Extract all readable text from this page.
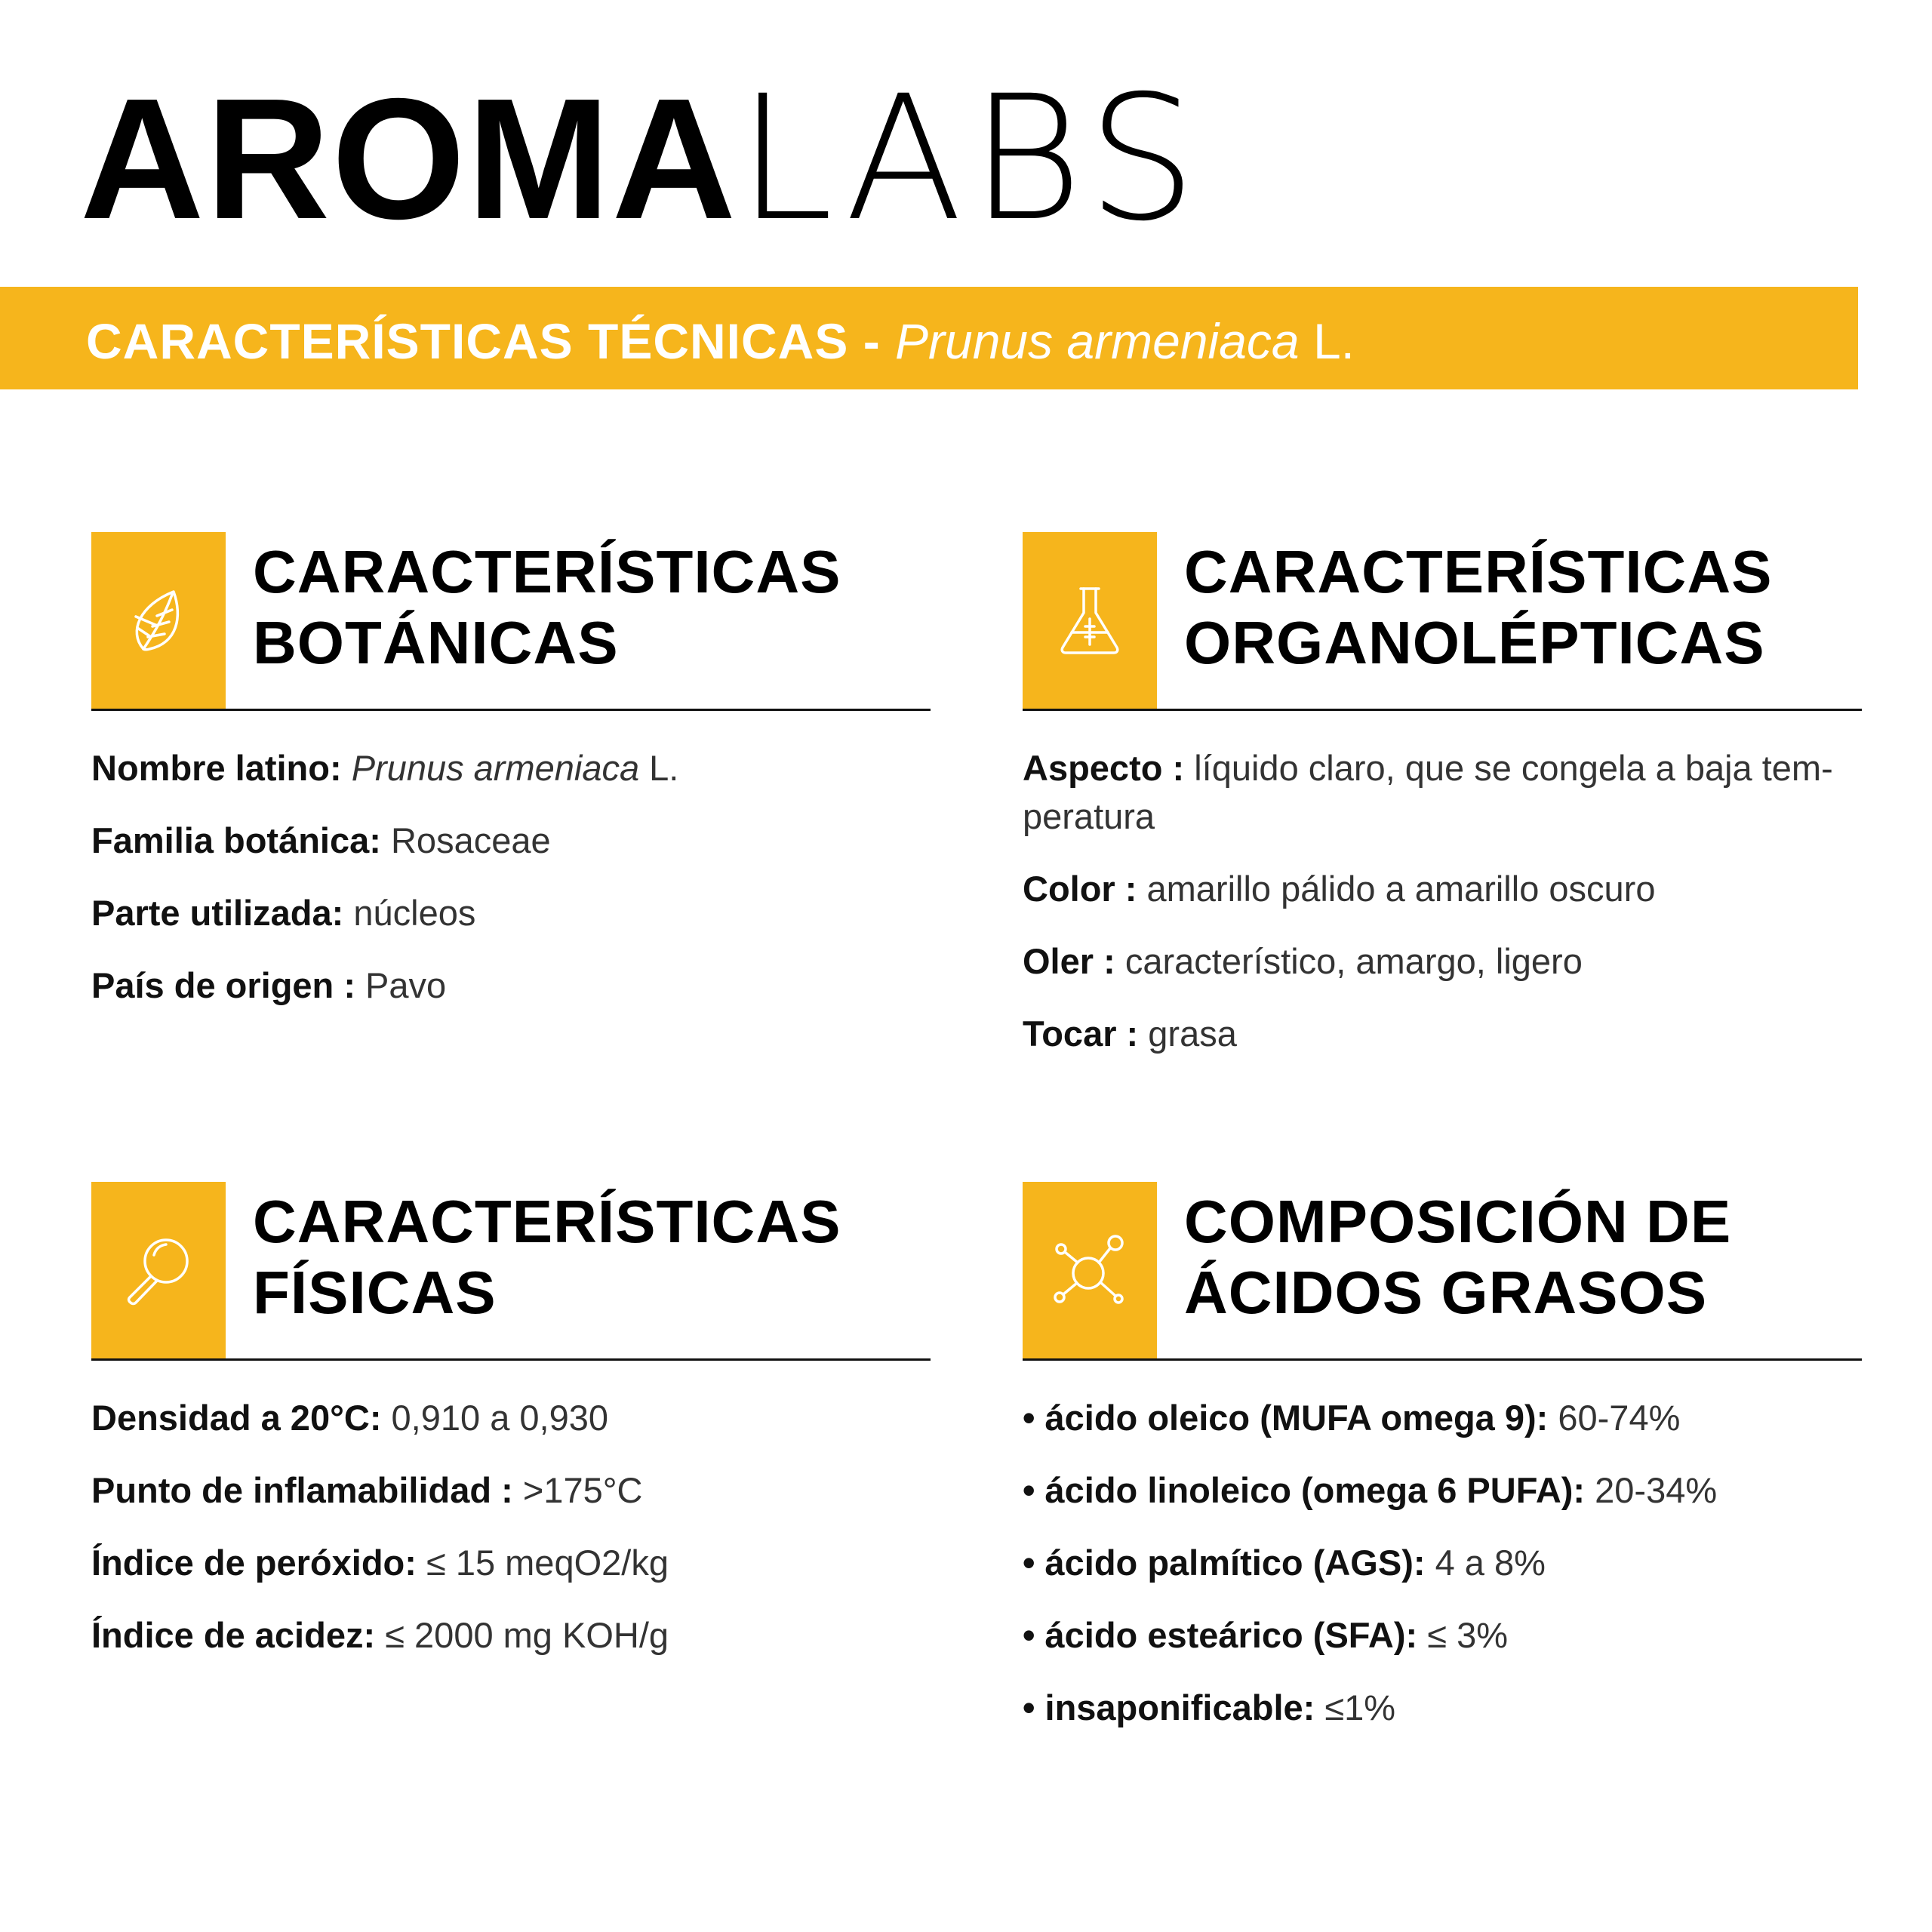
AROMALABS
CARACTERÍSTICAS TÉCNICAS - Prunus armeniaca L.
CARACTERÍSTICAS
BOTÁNICAS
Nombre latino: Prunus armeniaca L.
Familia botánica: Rosaceae
Parte utilizada: núcleos
País de origen : Pavo
CARACTERÍSTICAS
ORGANOLÉPTICAS
Aspecto : líquido claro, que se congela a baja tem-
peratura
Color : amarillo pálido a amarillo oscuro
Oler : característico, amargo, ligero
Tocar : grasa
CARACTERÍSTICAS
FÍSICAS
Densidad a 20°C: 0,910 a 0,930
Punto de inflamabilidad : >175°C
Índice de peróxido: ≤ 15 meqO2/kg
Índice de acidez: ≤ 2000 mg KOH/g
COMPOSICIÓN DE
ÁCIDOS GRASOS
• ácido oleico (MUFA omega 9): 60-74%
• ácido linoleico (omega 6 PUFA): 20-34%
• ácido palmítico (AGS): 4 a 8%
• ácido esteárico (SFA): ≤ 3%
• insaponificable: ≤1%
